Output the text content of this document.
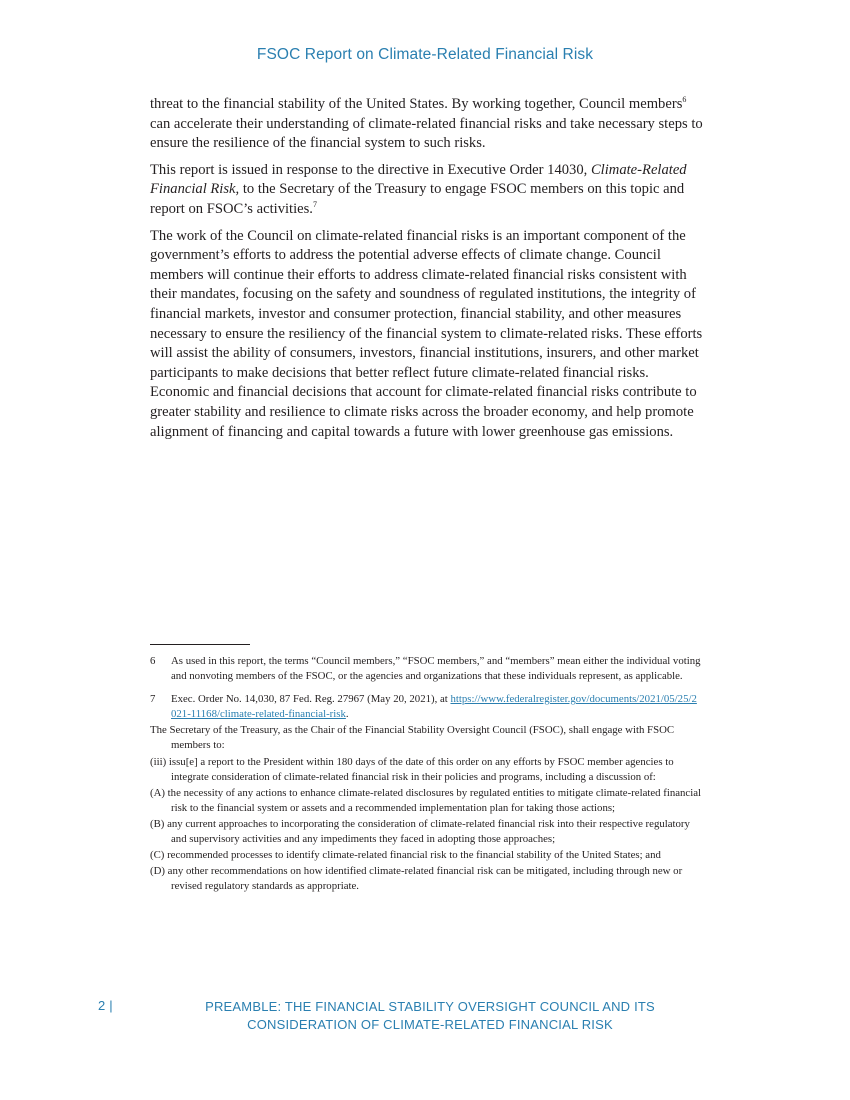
FSOC Report on Climate-Related Financial Risk

threat to the financial stability of the United States. By working together, Council members$^6$ can accelerate their understanding of climate-related financial risks and take necessary steps to ensure the resilience of the financial system to such risks.

This report is issued in response to the directive in Executive Order 14030, Climate-Related Financial Risk, to the Secretary of the Treasury to engage FSOC members on this topic and report on FSOC’s activities.$^7$

The work of the Council on climate-related financial risks is an important component of the government’s efforts to address the potential adverse effects of climate change. Council members will continue their efforts to address climate-related financial risks consistent with their mandates, focusing on the safety and soundness of regulated institutions, the integrity of financial markets, investor and consumer protection, financial stability, and other measures necessary to ensure the resiliency of the financial system to climate-related risks. These efforts will assist the ability of consumers, investors, financial institutions, insurers, and other market participants to make decisions that better reflect future climate-related financial risks. Economic and financial decisions that account for climate-related financial risks contribute to greater stability and resilience to climate risks across the broader economy, and help promote alignment of financing and capital towards a future with lower greenhouse gas emissions.

6	As used in this report, the terms “Council members,” “FSOC members,” and “members” mean either the individual voting and nonvoting members of the FSOC, or the agencies and organizations that these individuals represent, as applicable.
7	Exec. Order No. 14,030, 87 Fed. Reg. 27967 (May 20, 2021), at https://www.federalregister.gov/documents/2021/05/25/2021-11168/climate-related-financial-risk.

The Secretary of the Treasury, as the Chair of the Financial Stability Oversight Council (FSOC), shall engage with FSOC members to:

(iii) issu[e] a report to the President within 180 days of the date of this order on any efforts by FSOC member agencies to integrate consideration of climate-related financial risk in their policies and programs, including a discussion of:

(A) the necessity of any actions to enhance climate-related disclosures by regulated entities to mitigate climate-related financial risk to the financial system or assets and a recommended implementation plan for taking those actions;

(B) any current approaches to incorporating the consideration of climate-related financial risk into their respective regulatory and supervisory activities and any impediments they faced in adopting those approaches;

(C) recommended processes to identify climate-related financial risk to the financial stability of the United States; and

(D) any other recommendations on how identified climate-related financial risk can be mitigated, including through new or revised regulatory standards as appropriate.

2 |	PREAMBLE: THE FINANCIAL STABILITY OVERSIGHT COUNCIL AND ITS
CONSIDERATION OF CLIMATE-RELATED FINANCIAL RISK
